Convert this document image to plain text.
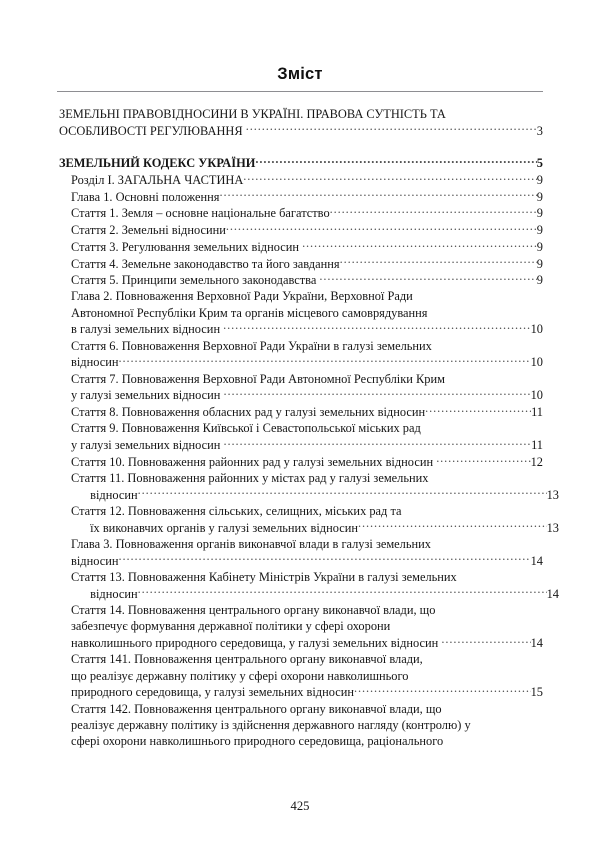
Зміст
ЗЕМЕЛЬНІ ПРАВОВІДНОСИНИ В УКРАЇНІ. ПРАВОВА СУТНІСТЬ ТА
ОСОБЛИВОСТІ РЕГУЛЮВАННЯ .....	3
ЗЕМЕЛЬНИЙ КОДЕКС УКРАЇНИ .....	5
Розділ І. ЗАГАЛЬНА ЧАСТИНА .....	9
Глава 1. Основні положення .....	9
Стаття 1. Земля – основне національне багатство .....	9
Стаття 2. Земельні відносини .....	9
Стаття 3. Регулювання земельних відносин .....	9
Стаття 4. Земельне законодавство та його завдання .....	9
Стаття 5. Принципи земельного законодавства .....	9
Глава 2. Повноваження Верховної Ради України, Верховної Ради
Автономної Республіки Крим та органів місцевого самоврядування
в галузі земельних відносин .....	10
Стаття 6. Повноваження Верховної Ради України в галузі земельних
відносин .....	10
Стаття 7. Повноваження Верховної Ради Автономної Республіки Крим
у галузі земельних відносин .....	10
Стаття 8. Повноваження обласних рад у галузі земельних відносин .....	11
Стаття 9. Повноваження Київської і Севастопольської міських рад
у галузі земельних відносин .....	11
Стаття 10. Повноваження районних рад у галузі земельних відносин .....	12
Стаття 11. Повноваження районних у містах рад у галузі земельних
відносин .....	13
Стаття 12. Повноваження сільських, селищних, міських рад та
їх виконавчих органів у галузі земельних відносин .....	13
Глава 3. Повноваження органів виконавчої влади в галузі земельних
відносин .....	14
Стаття 13. Повноваження Кабінету Міністрів України в галузі земельних
відносин .....	14
Стаття 14. Повноваження центрального органу виконавчої влади, що
забезпечує формування державної політики у сфері охорони
навколишнього природного середовища, у галузі земельних відносин .....	14
Стаття 141. Повноваження центрального органу виконавчої влади,
що реалізує державну політику у сфері охорони навколишнього
природного середовища, у галузі земельних відносин .....	15
Стаття 142. Повноваження центрального органу виконавчої влади, що
реалізує державну політику із здійснення державного нагляду (контролю) у
сфері охорони навколишнього природного середовища, раціонального
425
